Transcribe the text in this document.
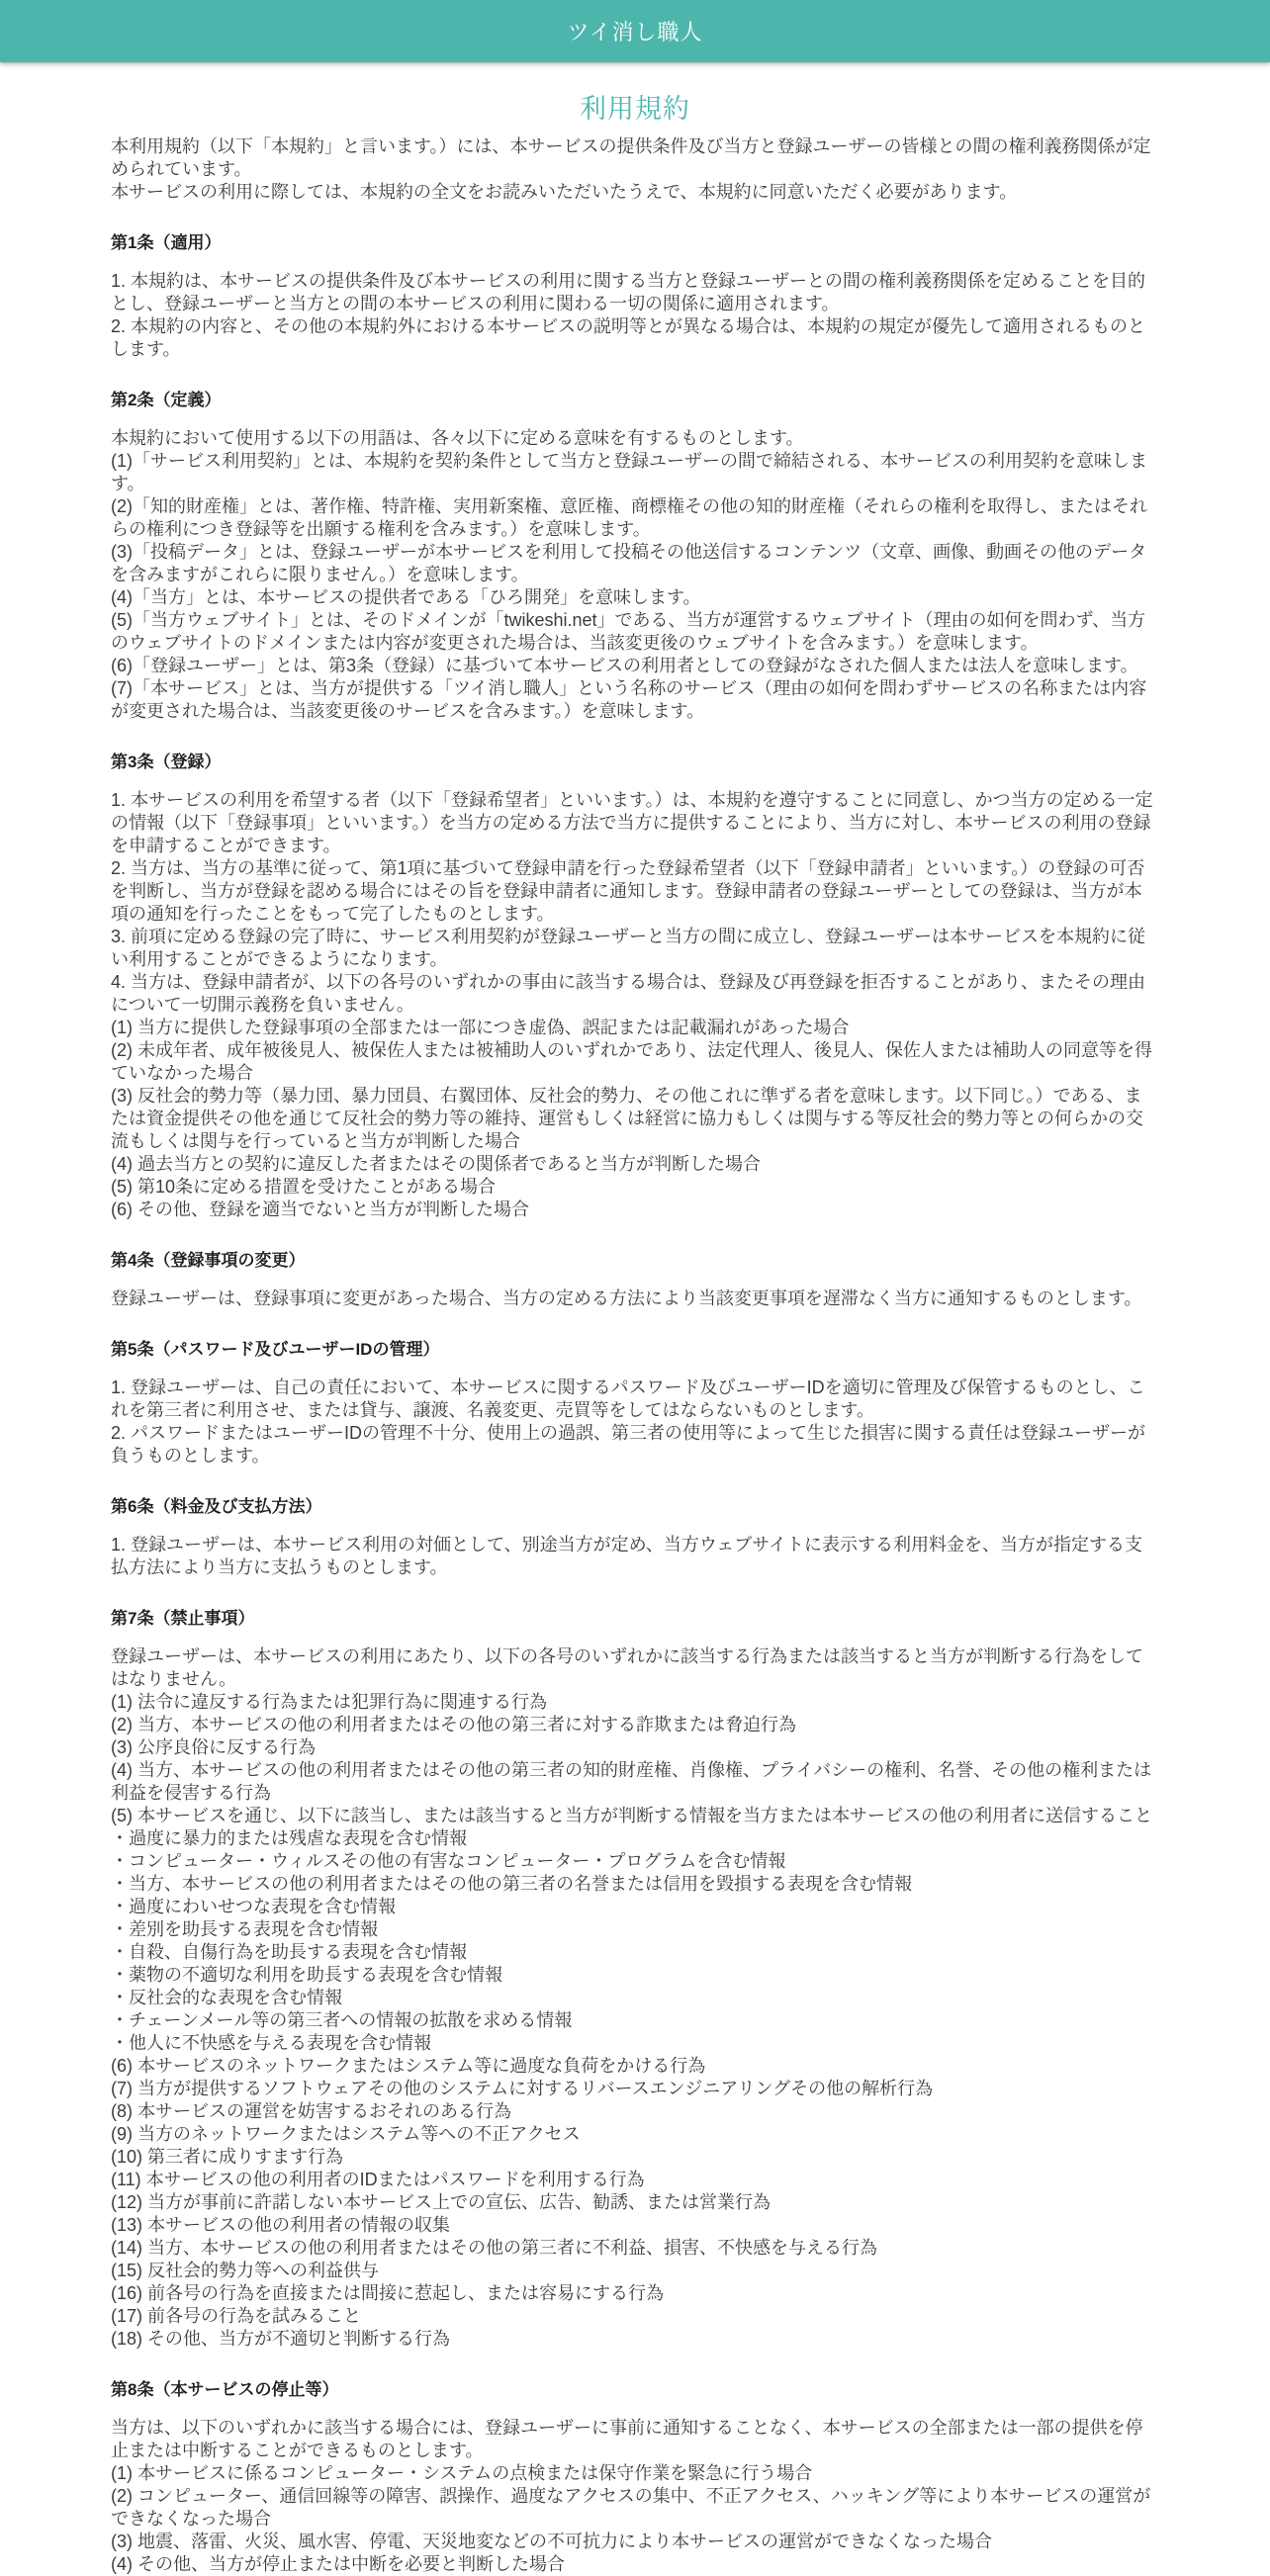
ツイ消し職人
利用規約
本利用規約（以下「本規約」と言います。）には、本サービスの提供条件及び当方と登録ユーザーの皆様との間の権利義務関係が定められています。
本サービスの利用に際しては、本規約の全文をお読みいただいたうえで、本規約に同意いただく必要があります。
第1条（適用）
1. 本規約は、本サービスの提供条件及び本サービスの利用に関する当方と登録ユーザーとの間の権利義務関係を定めることを目的とし、登録ユーザーと当方との間の本サービスの利用に関わる一切の関係に適用されます。
2. 本規約の内容と、その他の本規約外における本サービスの説明等とが異なる場合は、本規約の規定が優先して適用されるものとします。
第2条（定義）
本規約において使用する以下の用語は、各々以下に定める意味を有するものとします。
(1)「サービス利用契約」とは、本規約を契約条件として当方と登録ユーザーの間で締結される、本サービスの利用契約を意味します。
(2)「知的財産権」とは、著作権、特許権、実用新案権、意匠権、商標権その他の知的財産権（それらの権利を取得し、またはそれらの権利につき登録等を出願する権利を含みます。）を意味します。
(3)「投稿データ」とは、登録ユーザーが本サービスを利用して投稿その他送信するコンテンツ（文章、画像、動画その他のデータを含みますがこれらに限りません。）を意味します。
(4)「当方」とは、本サービスの提供者である「ひろ開発」を意味します。
(5)「当方ウェブサイト」とは、そのドメインが「twikeshi.net」である、当方が運営するウェブサイト（理由の如何を問わず、当方のウェブサイトのドメインまたは内容が変更された場合は、当該変更後のウェブサイトを含みます。）を意味します。
(6)「登録ユーザー」とは、第3条（登録）に基づいて本サービスの利用者としての登録がなされた個人または法人を意味します。
(7)「本サービス」とは、当方が提供する「ツイ消し職人」という名称のサービス（理由の如何を問わずサービスの名称または内容が変更された場合は、当該変更後のサービスを含みます。）を意味します。
第3条（登録）
1. 本サービスの利用を希望する者（以下「登録希望者」といいます。）は、本規約を遵守することに同意し、かつ当方の定める一定の情報（以下「登録事項」といいます。）を当方の定める方法で当方に提供することにより、当方に対し、本サービスの利用の登録を申請することができます。
2. 当方は、当方の基準に従って、第1項に基づいて登録申請を行った登録希望者（以下「登録申請者」といいます。）の登録の可否を判断し、当方が登録を認める場合にはその旨を登録申請者に通知します。登録申請者の登録ユーザーとしての登録は、当方が本項の通知を行ったことをもって完了したものとします。
3. 前項に定める登録の完了時に、サービス利用契約が登録ユーザーと当方の間に成立し、登録ユーザーは本サービスを本規約に従い利用することができるようになります。
4. 当方は、登録申請者が、以下の各号のいずれかの事由に該当する場合は、登録及び再登録を拒否することがあり、またその理由について一切開示義務を負いません。
(1) 当方に提供した登録事項の全部または一部につき虚偽、誤記または記載漏れがあった場合
(2) 未成年者、成年被後見人、被保佐人または被補助人のいずれかであり、法定代理人、後見人、保佐人または補助人の同意等を得ていなかった場合
(3) 反社会的勢力等（暴力団、暴力団員、右翼団体、反社会的勢力、その他これに準ずる者を意味します。以下同じ。）である、または資金提供その他を通じて反社会的勢力等の維持、運営もしくは経営に協力もしくは関与する等反社会的勢力等との何らかの交流もしくは関与を行っていると当方が判断した場合
(4) 過去当方との契約に違反した者またはその関係者であると当方が判断した場合
(5) 第10条に定める措置を受けたことがある場合
(6) その他、登録を適当でないと当方が判断した場合
第4条（登録事項の変更）
登録ユーザーは、登録事項に変更があった場合、当方の定める方法により当該変更事項を遅滞なく当方に通知するものとします。
第5条（パスワード及びユーザーIDの管理）
1. 登録ユーザーは、自己の責任において、本サービスに関するパスワード及びユーザーIDを適切に管理及び保管するものとし、これを第三者に利用させ、または貸与、譲渡、名義変更、売買等をしてはならないものとします。
2. パスワードまたはユーザーIDの管理不十分、使用上の過誤、第三者の使用等によって生じた損害に関する責任は登録ユーザーが負うものとします。
第6条（料金及び支払方法）
1. 登録ユーザーは、本サービス利用の対価として、別途当方が定め、当方ウェブサイトに表示する利用料金を、当方が指定する支払方法により当方に支払うものとします。
第7条（禁止事項）
登録ユーザーは、本サービスの利用にあたり、以下の各号のいずれかに該当する行為または該当すると当方が判断する行為をしてはなりません。
(1) 法令に違反する行為または犯罪行為に関連する行為
(2) 当方、本サービスの他の利用者またはその他の第三者に対する詐欺または脅迫行為
(3) 公序良俗に反する行為
(4) 当方、本サービスの他の利用者またはその他の第三者の知的財産権、肖像権、プライバシーの権利、名誉、その他の権利または利益を侵害する行為
(5) 本サービスを通じ、以下に該当し、または該当すると当方が判断する情報を当方または本サービスの他の利用者に送信すること
・過度に暴力的または残虐な表現を含む情報
・コンピューター・ウィルスその他の有害なコンピューター・プログラムを含む情報
・当方、本サービスの他の利用者またはその他の第三者の名誉または信用を毀損する表現を含む情報
・過度にわいせつな表現を含む情報
・差別を助長する表現を含む情報
・自殺、自傷行為を助長する表現を含む情報
・薬物の不適切な利用を助長する表現を含む情報
・反社会的な表現を含む情報
・チェーンメール等の第三者への情報の拡散を求める情報
・他人に不快感を与える表現を含む情報
(6) 本サービスのネットワークまたはシステム等に過度な負荷をかける行為
(7) 当方が提供するソフトウェアその他のシステムに対するリバースエンジニアリングその他の解析行為
(8) 本サービスの運営を妨害するおそれのある行為
(9) 当方のネットワークまたはシステム等への不正アクセス
(10) 第三者に成りすます行為
(11) 本サービスの他の利用者のIDまたはパスワードを利用する行為
(12) 当方が事前に許諾しない本サービス上での宣伝、広告、勧誘、または営業行為
(13) 本サービスの他の利用者の情報の収集
(14) 当方、本サービスの他の利用者またはその他の第三者に不利益、損害、不快感を与える行為
(15) 反社会的勢力等への利益供与
(16) 前各号の行為を直接または間接に惹起し、または容易にする行為
(17) 前各号の行為を試みること
(18) その他、当方が不適切と判断する行為
第8条（本サービスの停止等）
当方は、以下のいずれかに該当する場合には、登録ユーザーに事前に通知することなく、本サービスの全部または一部の提供を停止または中断することができるものとします。
(1) 本サービスに係るコンピューター・システムの点検または保守作業を緊急に行う場合
(2) コンピューター、通信回線等の障害、誤操作、過度なアクセスの集中、不正アクセス、ハッキング等により本サービスの運営ができなくなった場合
(3) 地震、落雷、火災、風水害、停電、天災地変などの不可抗力により本サービスの運営ができなくなった場合
(4) その他、当方が停止または中断を必要と判断した場合
